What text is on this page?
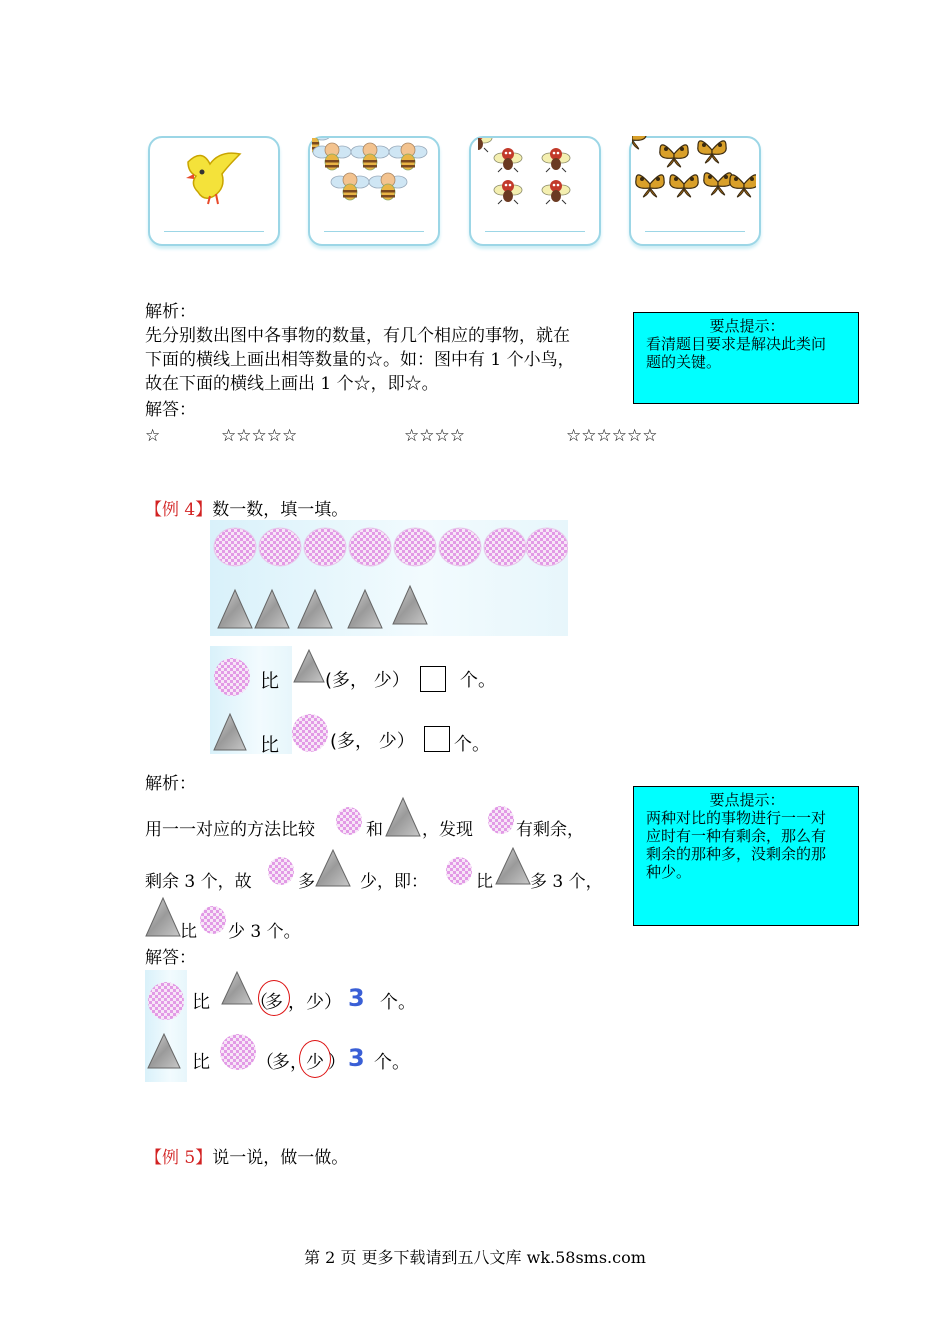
解析：
先分别数出图中各事物的数量，有几个相应的事物，就在
下面的横线上画出相等数量的☆。如：图中有 1 个小鸟，
故在下面的横线上画出 1 个☆，即☆。
解答：
☆	☆☆☆☆☆	☆☆☆☆	☆☆☆☆☆☆
要点提示：
看清题目要求是解决此类问
题的关键。
【例 4】数一数，填一填。
比	(多， 少）	个。
比	(多， 少） 个。
解析：
用一一对应的方法比较	和 ，发现	有剩余，
剩余 3 个，故	多	少，即：	比 多 3 个，
比 少 3 个。
解答：
比 （
多 ， 少 ） 3 个。
比	（
多 ，
少 ） 3 个。
要点提示：
两种对比的事物进行一一对
应时有一种有剩余，那么有
剩余的那种多，没剩余的那
种少。
【例 5】说一说，做一做。
第 2 页 更多下载请到五八文库 wk.58sms.com
